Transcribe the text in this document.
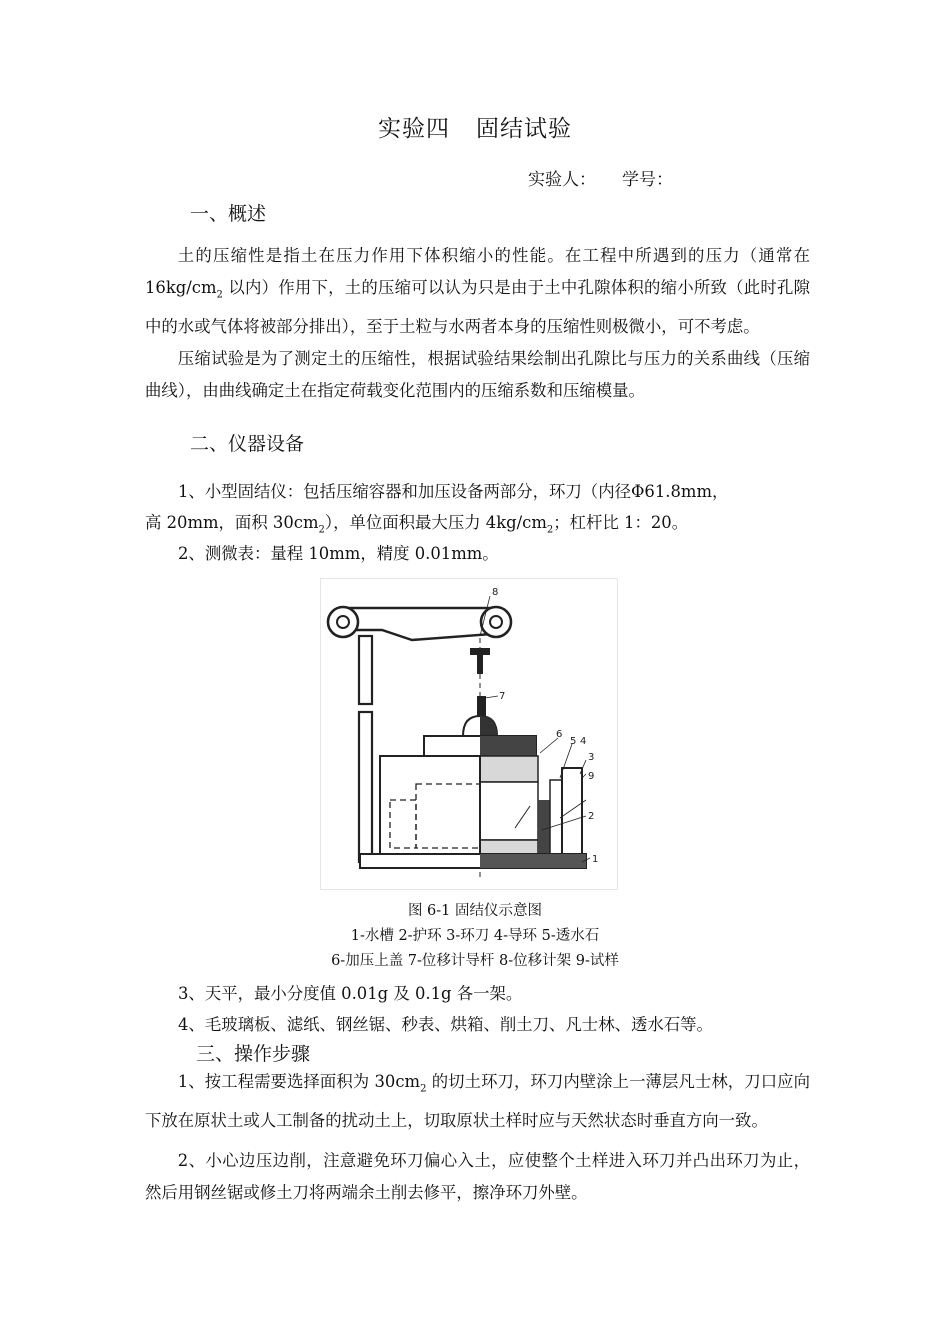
实验四 固结试验
实验人： 学号：
一、概述

土的压缩性是指土在压力作用下体积缩小的性能。在工程中所遇到的压力（通常在 $16kg/cm_2$ 以内）作用下，土的压缩可以认为只是由于土中孔隙体积的缩小所致（此时孔隙中的水或气体将被部分排出），至于土粒与水两者本身的压缩性则极微小，可不考虑。

压缩试验是为了测定土的压缩性，根据试验结果绘制出孔隙比与压力的关系曲线（压缩曲线），由曲线确定土在指定荷载变化范围内的压缩系数和压缩模量。

二、仪器设备
1、小型固结仪：包括压缩容器和加压设备两部分，环刀（内径Φ61.8mm，
高 20mm，面积 $30cm_2$），单位面积最大压力 $4kg/cm_2$；杠杆比 1：20。
2、测微表：量程 10mm，精度 0.01mm。
8
7
6
5 4
3
9
2
1
图 6-1 固结仪示意图
1-水槽 2-护环 3-环刀 4-导环 5-透水石
6-加压上盖 7-位移计导杆 8-位移计架 9-试样
3、天平，最小分度值 0.01g 及 0.1g 各一架。
4、毛玻璃板、滤纸、钢丝锯、秒表、烘箱、削土刀、凡士林、透水石等。
三、操作步骤

1、按工程需要选择面积为 $30cm_2$ 的切土环刀，环刀内壁涂上一薄层凡士林，刀口应向下放在原状土或人工制备的扰动土上，切取原状土样时应与天然状态时垂直方向一致。

2、小心边压边削，注意避免环刀偏心入土，应使整个土样进入环刀并凸出环刀为止，然后用钢丝锯或修土刀将两端余土削去修平，擦净环刀外壁。
